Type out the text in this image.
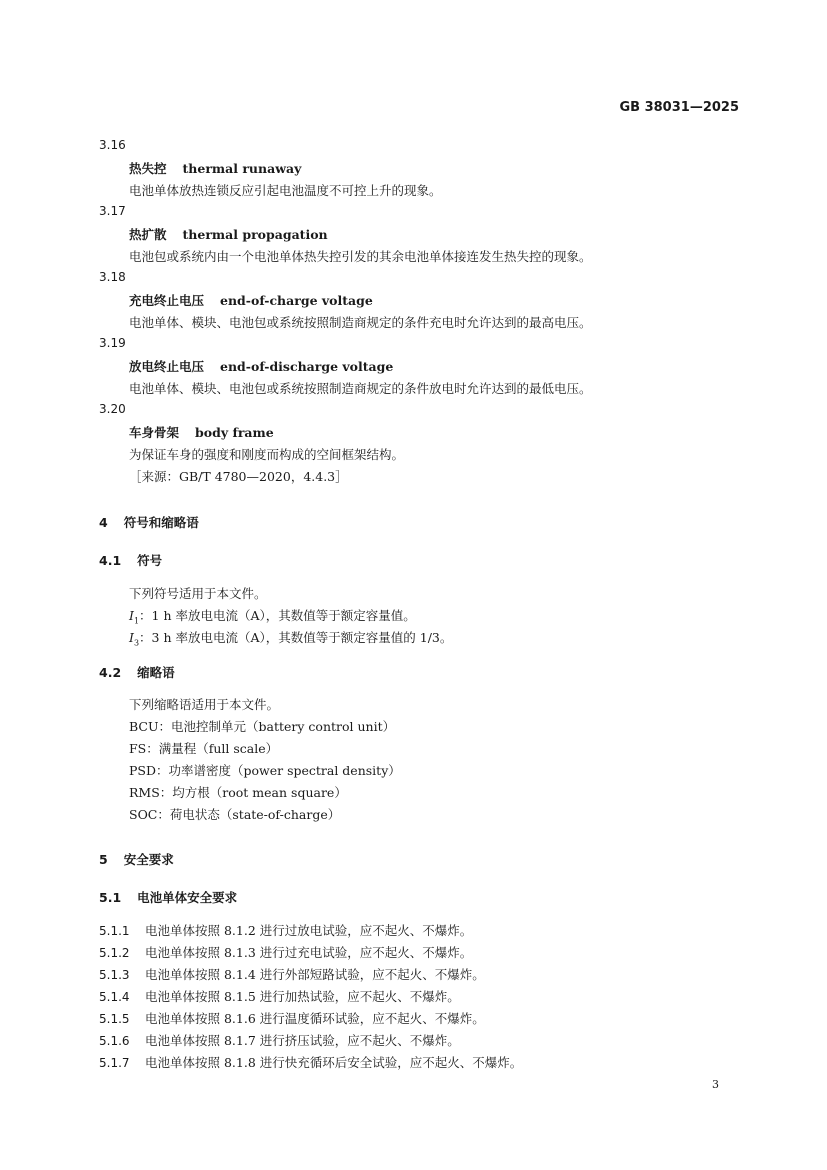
GB 38031—2025
3.16
热失控 thermal runaway
电池单体放热连锁反应引起电池温度不可控上升的现象。
3.17
热扩散 thermal propagation
电池包或系统内由一个电池单体热失控引发的其余电池单体接连发生热失控的现象。
3.18
充电终止电压 end-of-charge voltage
电池单体、模块、电池包或系统按照制造商规定的条件充电时允许达到的最高电压。
3.19
放电终止电压 end-of-discharge voltage
电池单体、模块、电池包或系统按照制造商规定的条件放电时允许达到的最低电压。
3.20
车身骨架 body frame
为保证车身的强度和刚度而构成的空间框架结构。
［来源：GB/T 4780—2020，4.4.3］
4 符号和缩略语
4.1 符号
下列符号适用于本文件。
$I_1$：1 h 率放电电流（A），其数值等于额定容量值。
$I_3$：3 h 率放电电流（A），其数值等于额定容量值的 1/3。
4.2 缩略语
下列缩略语适用于本文件。
BCU：电池控制单元（battery control unit）
FS：满量程（full scale）
PSD：功率谱密度（power spectral density）
RMS：均方根（root mean square）
SOC：荷电状态（state-of-charge）
5 安全要求
5.1 电池单体安全要求
5.1.1 电池单体按照 8.1.2 进行过放电试验，应不起火、不爆炸。
5.1.2 电池单体按照 8.1.3 进行过充电试验，应不起火、不爆炸。
5.1.3 电池单体按照 8.1.4 进行外部短路试验，应不起火、不爆炸。
5.1.4 电池单体按照 8.1.5 进行加热试验，应不起火、不爆炸。
5.1.5 电池单体按照 8.1.6 进行温度循环试验，应不起火、不爆炸。
5.1.6 电池单体按照 8.1.7 进行挤压试验，应不起火、不爆炸。
5.1.7 电池单体按照 8.1.8 进行快充循环后安全试验，应不起火、不爆炸。
3
